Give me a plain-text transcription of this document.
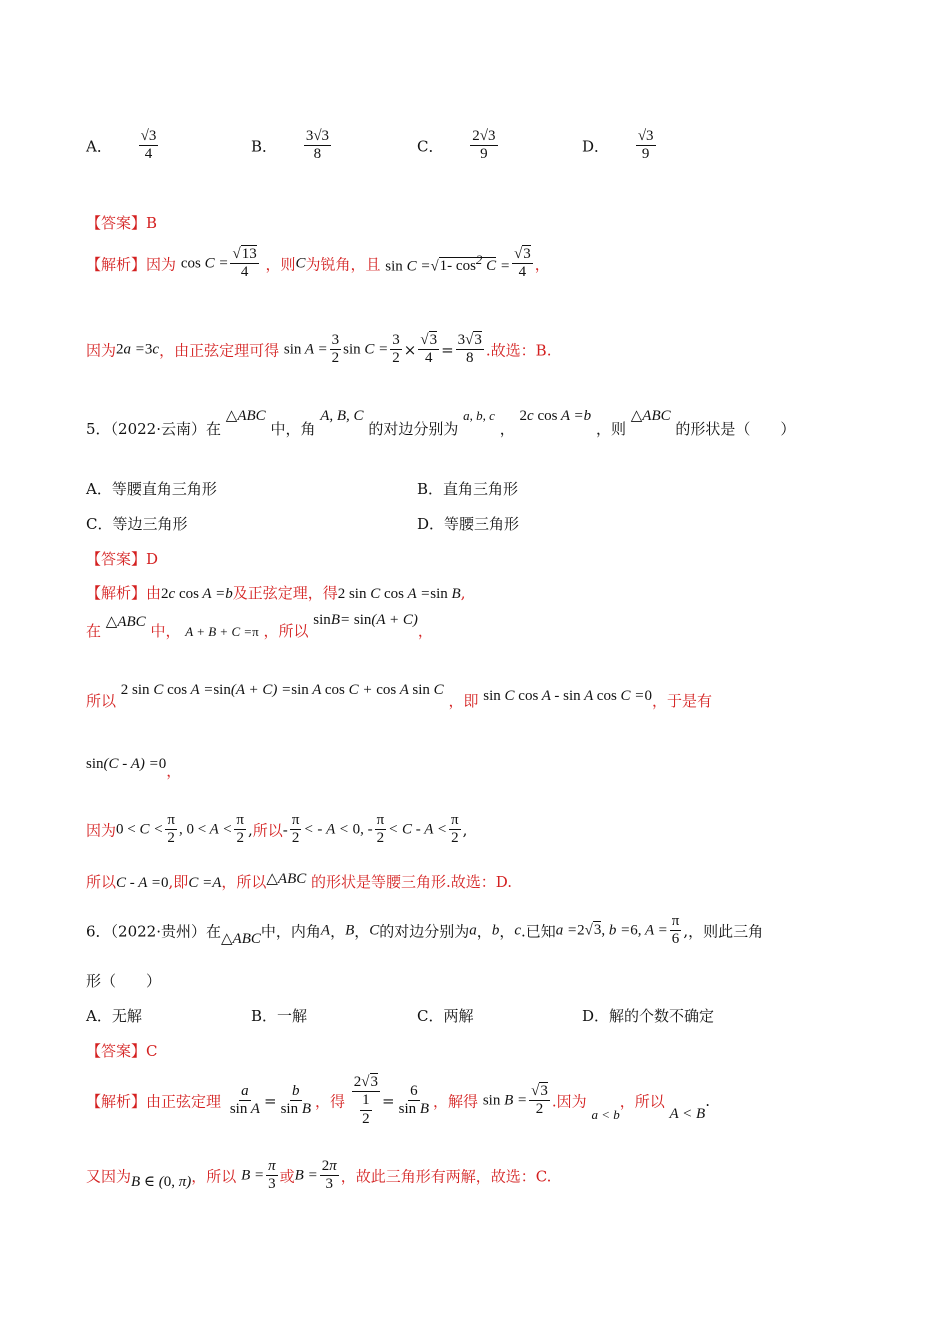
A． $\frac{√3}{4}$	B． $\frac{3√3}{8}$	C． $\frac{2√3}{9}$	D． $\frac{√3}{9}$
【答案】B
【解析】因为 $\cos C = \frac{√13}{4}$ ，则C为锐角，且 sin C =√1- $\cos^2 C = \frac{√3}{4}$ ，
因为2a =3c，由正弦定理可得 $\sin A = \frac{3}{2}$ $\sin C = \frac{3}{2} \times \frac{√3}{4} = \frac{3√3}{8}$ .故选：B.
5．（2022·云南）在 △ABC 中，角 A, B, C 的对边分别为 a, b, c ， 2c cos A =b ，则 △ABC 的形状是（　　）
A．等腰直角三角形	B．直角三角形
C．等边三角形	D．等腰三角形
【答案】D
【解析】由2c cos A =b及正弦定理，得2 sin C cos A =sin B,
在 △ABC 中， A + B + C =π ，所以 sinB= sin(A + C)，
所以 2 sin C cos A =sin(A + C) =sin A cos C + cos A sin C ，即 sin C cos A - sin A cos C =0，于是有
sin(C - A) =0，
因为$0 < C < \frac{\pi}{2}$ , $0 < A < \frac{\pi}{2}$ ,所以- $\frac{\pi}{2}$ < - A < 0, - $\frac{\pi}{2} < C - A < \frac{\pi}{2}$ ,
所以C - A =0,即C =A，所以△ABC 的形状是等腰三角形.故选：D.
6．（2022·贵州）在△ABC中，内角A，B，C的对边分别为a，b，c.已知a =2√3, b =6, $A = \frac{\pi}{6}$ ,，则此三角
形（　　）
A．无解	B．一解	C．两解	D．解的个数不确定
【答案】C
【解析】由正弦定理 $\frac{a}{\text{sin A}} = \frac{b}{\text{sin B}}$ ，得 $\frac{2√3}{\frac{1}{2}} = \frac{6}{\text{sin B}}$ ，解得 $\sin B = \frac{√3}{2}$ .因为 a < b，所以 A < B.
又因为B ∈ (0, π)，所以 $B = \frac{\pi}{3}$ 或$B = \frac{2\pi}{3}$ ，故此三角形有两解，故选：C.
